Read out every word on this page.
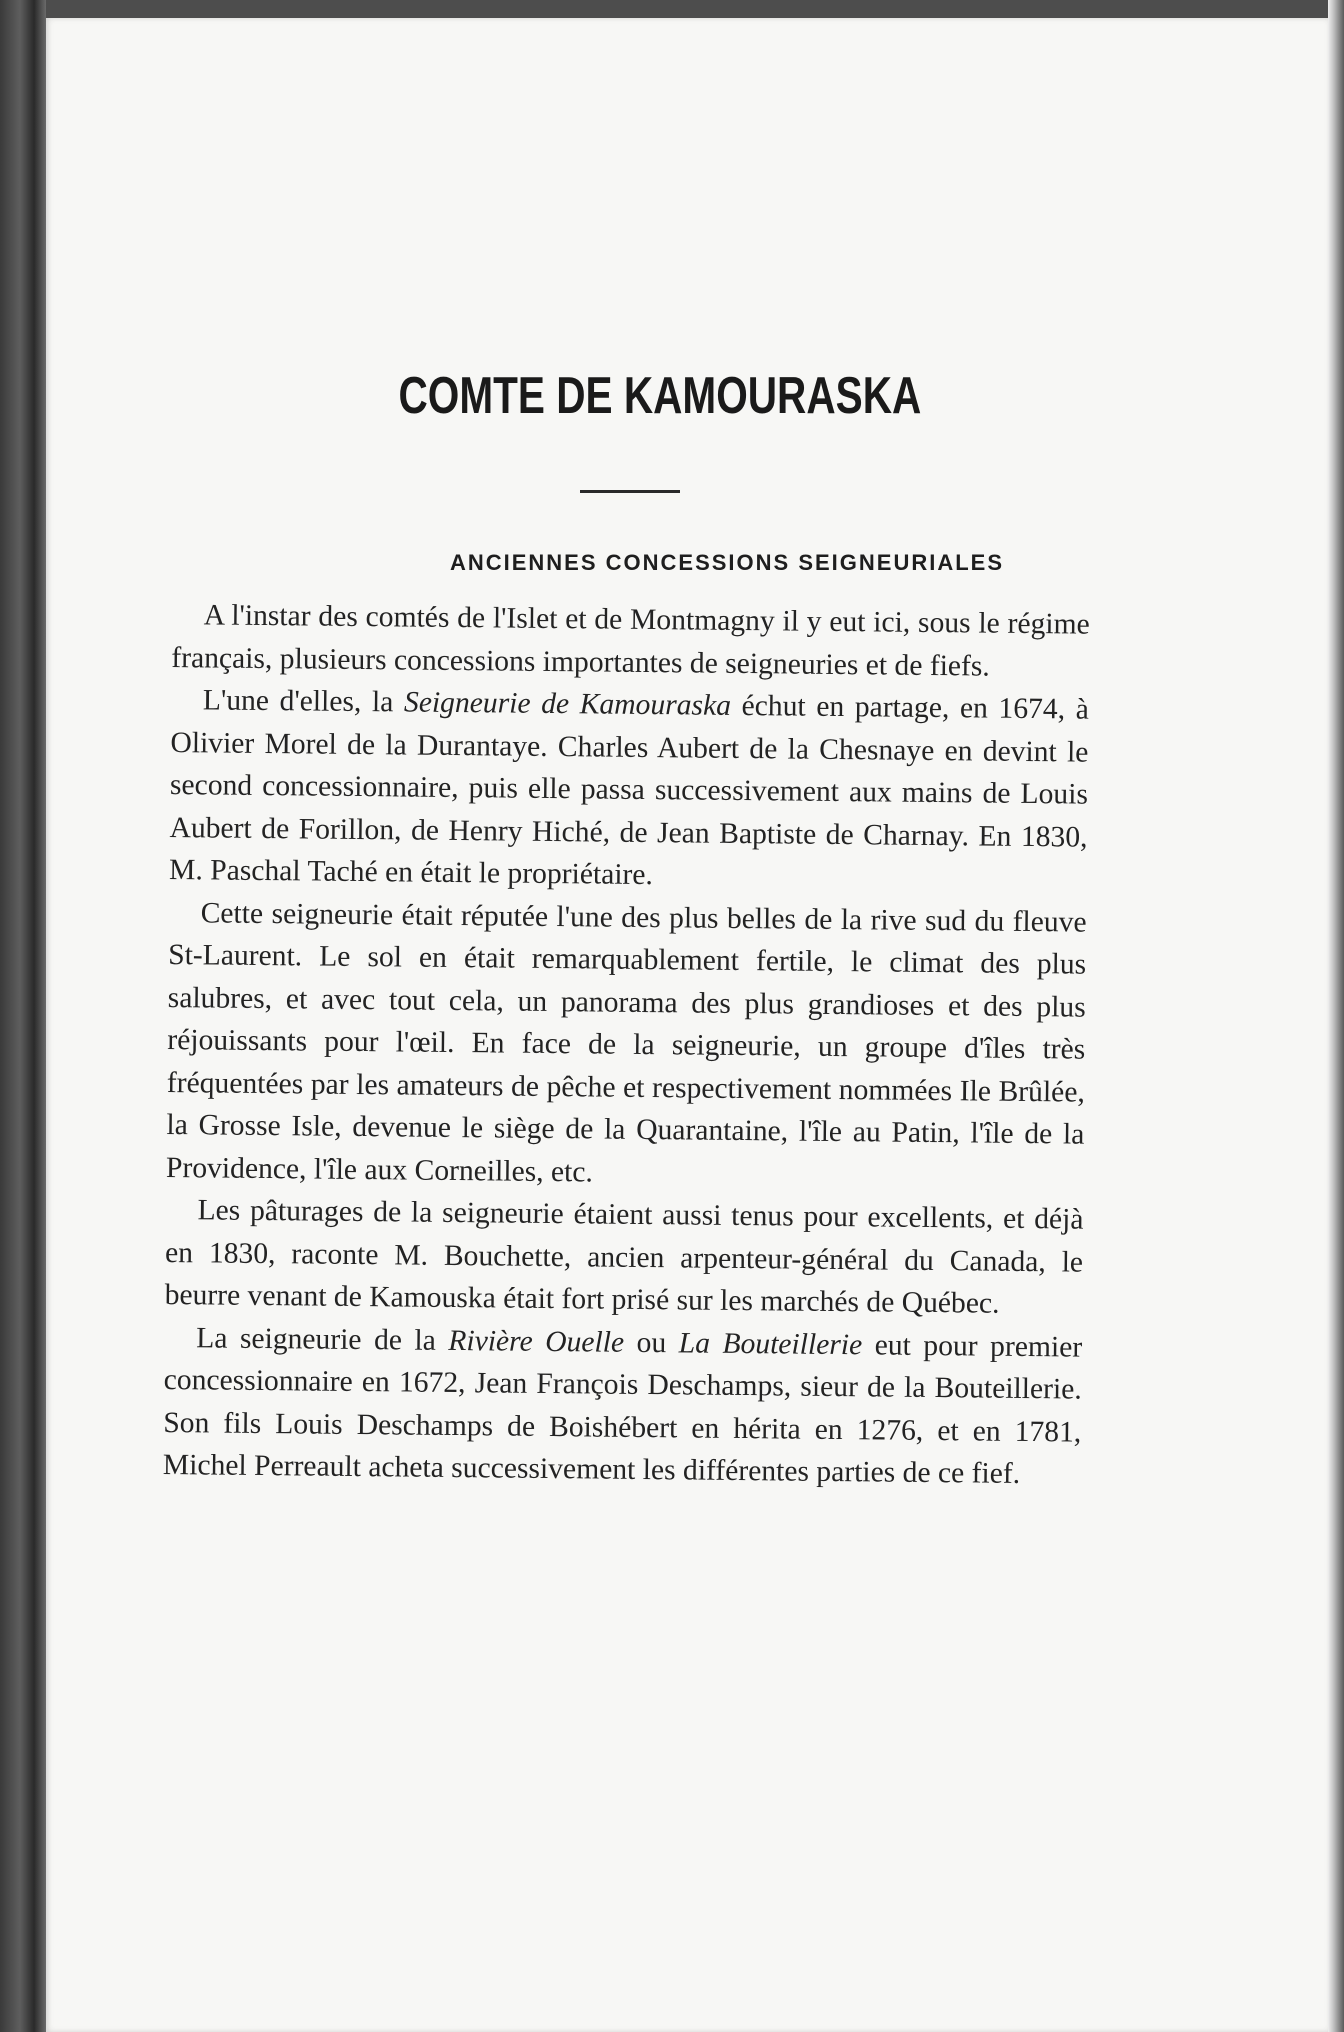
COMTE DE KAMOURASKA
ANCIENNES CONCESSIONS SEIGNEURIALES

A l'instar des comtés de l'Islet et de Montmagny il y eut ici, sous le régime français, plusieurs concessions importantes de seigneuries et de fiefs.

L'une d'elles, la Seigneurie de Kamouraska échut en partage, en 1674, à Olivier Morel de la Durantaye. Charles Aubert de la Chesnaye en devint le second concessionnaire, puis elle passa successivement aux mains de Louis Aubert de Forillon, de Henry Hiché, de Jean Baptiste de Charnay. En 1830, M. Paschal Taché en était le propriétaire.

Cette seigneurie était réputée l'une des plus belles de la rive sud du fleuve St-Laurent. Le sol en était remarquablement fertile, le climat des plus salubres, et avec tout cela, un panorama des plus grandioses et des plus réjouissants pour l'œil. En face de la seigneurie, un groupe d'îles très fréquentées par les amateurs de pêche et respectivement nommées Ile Brûlée, la Grosse Isle, devenue le siège de la Quarantaine, l'île au Patin, l'île de la Providence, l'île aux Corneilles, etc.

Les pâturages de la seigneurie étaient aussi tenus pour excellents, et déjà en 1830, raconte M. Bouchette, ancien arpenteur-général du Canada, le beurre venant de Kamouska était fort prisé sur les marchés de Québec.

La seigneurie de la Rivière Ouelle ou La Bouteillerie eut pour premier concessionnaire en 1672, Jean François Deschamps, sieur de la Bouteillerie. Son fils Louis Deschamps de Boishébert en hérita en 1276, et en 1781, Michel Perreault acheta successivement les différentes parties de ce fief.
